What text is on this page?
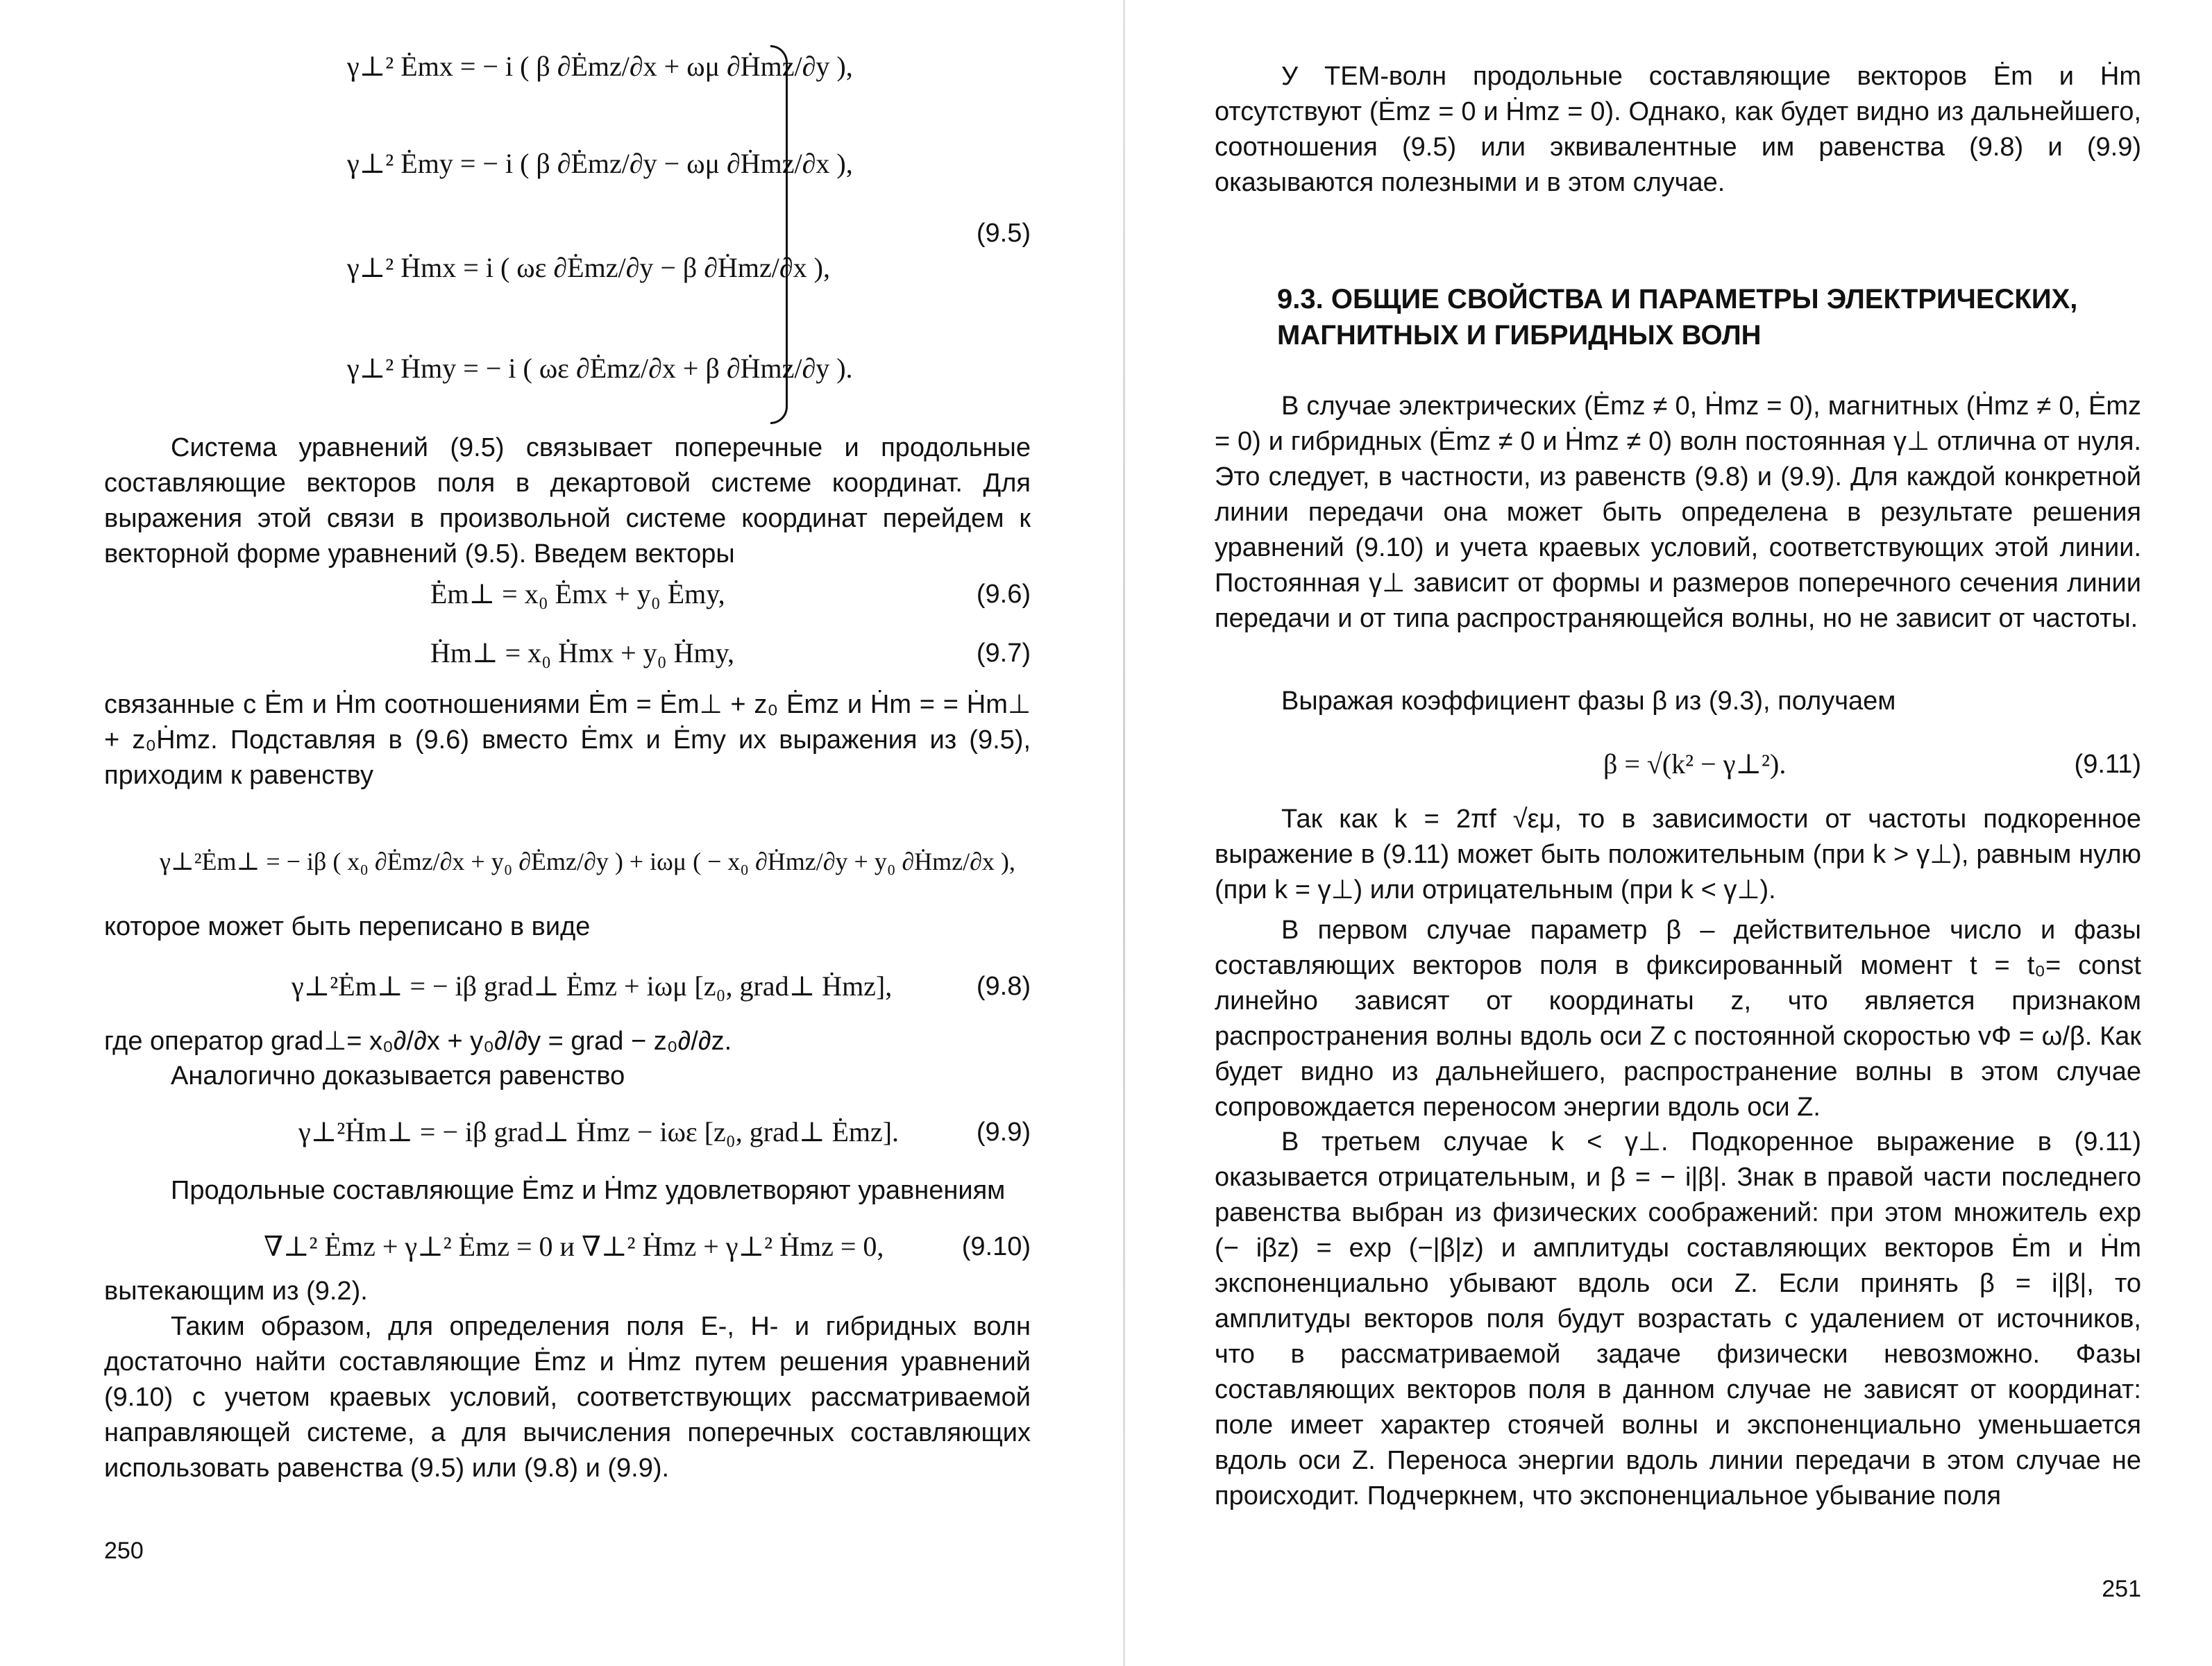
γ⊥² Ėmx = − i ( β ∂Ėmz/∂x + ωμ ∂Ḣmz/∂y ),
γ⊥² Ėmy = − i ( β ∂Ėmz/∂y − ωμ ∂Ḣmz/∂x ),
γ⊥² Ḣmx = i ( ωε ∂Ėmz/∂y − β ∂Ḣmz/∂x ),
γ⊥² Ḣmy = − i ( ωε ∂Ėmz/∂x + β ∂Ḣmz/∂y ).
(9.5)

Система уравнений (9.5) связывает поперечные и продольные составляющие векторов поля в декартовой системе координат. Для выражения этой связи в произвольной системе координат перейдем к векторной форме уравнений (9.5). Введем векторы

Ėm⊥ = x₀ Ėmx + y₀ Ėmy,	(9.6)
Ḣm⊥ = x₀ Ḣmx + y₀ Ḣmy,	(9.7)

связанные с Ėm и Ḣm соотношениями Ėm = Ėm⊥ + z₀ Ėmz и Ḣm = = Ḣm⊥ + z₀Ḣmz. Подставляя в (9.6) вместо Ėmx и Ėmy их выражения из (9.5), приходим к равенству

γ⊥²Ėm⊥ = − iβ ( x₀ ∂Ėmz/∂x + y₀ ∂Ėmz/∂y ) + iωμ ( − x₀ ∂Ḣmz/∂y + y₀ ∂Ḣmz/∂x ),

которое может быть переписано в виде

γ⊥²Ėm⊥ = − iβ grad⊥ Ėmz + iωμ [z₀, grad⊥ Ḣmz],	(9.8)

где оператор grad⊥= x₀∂/∂x + y₀∂/∂y = grad − z₀∂/∂z.

Аналогично доказывается равенство

γ⊥²Ḣm⊥ = − iβ grad⊥ Ḣmz − iωε [z₀, grad⊥ Ėmz].	(9.9)

Продольные составляющие Ėmz и Ḣmz удовлетворяют уравнениям

∇⊥² Ėmz + γ⊥² Ėmz = 0 и ∇⊥² Ḣmz + γ⊥² Ḣmz = 0,	(9.10)

вытекающим из (9.2).

Таким образом, для определения поля E-, H- и гибридных волн достаточно найти составляющие Ėmz и Ḣmz путем решения уравнений (9.10) с учетом краевых условий, соответствующих рассматриваемой направляющей системе, а для вычисления поперечных составляющих использовать равенства (9.5) или (9.8) и (9.9).

250

У TEM-волн продольные составляющие векторов Ėm и Ḣm отсутствуют (Ėmz = 0 и Ḣmz = 0). Однако, как будет видно из дальнейшего, соотношения (9.5) или эквивалентные им равенства (9.8) и (9.9) оказываются полезными и в этом случае.

9.3. ОБЩИЕ СВОЙСТВА И ПАРАМЕТРЫ ЭЛЕКТРИЧЕСКИХ,
МАГНИТНЫХ И ГИБРИДНЫХ ВОЛН

В случае электрических (Ėmz ≠ 0, Ḣmz = 0), магнитных (Ḣmz ≠ 0, Ėmz = 0) и гибридных (Ėmz ≠ 0 и Ḣmz ≠ 0) волн постоянная γ⊥ отлична от нуля. Это следует, в частности, из равенств (9.8) и (9.9). Для каждой конкретной линии передачи она может быть определена в результате решения уравнений (9.10) и учета краевых условий, соответствующих этой линии. Постоянная γ⊥ зависит от формы и размеров поперечного сечения линии передачи и от типа распространяющейся волны, но не зависит от частоты.

Выражая коэффициент фазы β из (9.3), получаем

β = √(k² − γ⊥²).	(9.11)

Так как k = 2πf √εμ, то в зависимости от частоты подкоренное выражение в (9.11) может быть положительным (при k > γ⊥), равным нулю (при k = γ⊥) или отрицательным (при k < γ⊥).

В первом случае параметр β – действительное число и фазы составляющих векторов поля в фиксированный момент t = t₀= const линейно зависят от координаты z, что является признаком распространения волны вдоль оси Z с постоянной скоростью vФ = ω/β. Как будет видно из дальнейшего, распространение волны в этом случае сопровождается переносом энергии вдоль оси Z.

В третьем случае k < γ⊥. Подкоренное выражение в (9.11) оказывается отрицательным, и β = − i|β|. Знак в правой части последнего равенства выбран из физических соображений: при этом множитель exp (− iβz) = exp (−|β|z) и амплитуды составляющих векторов Ėm и Ḣm экспоненциально убывают вдоль оси Z. Если принять β = i|β|, то амплитуды векторов поля будут возрастать с удалением от источников, что в рассматриваемой задаче физически невозможно. Фазы составляющих векторов поля в данном случае не зависят от координат: поле имеет характер стоячей волны и экспоненциально уменьшается вдоль оси Z. Переноса энергии вдоль линии передачи в этом случае не происходит. Подчеркнем, что экспоненциальное убывание поля

251
